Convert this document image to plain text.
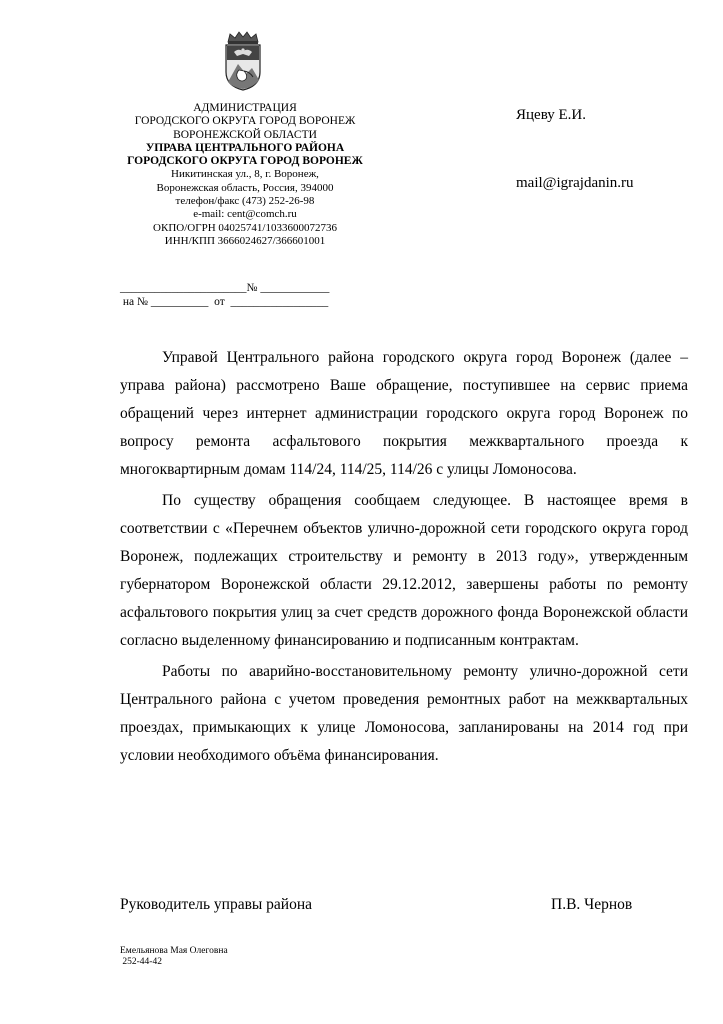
АДМИНИСТРАЦИЯ
ГОРОДСКОГО ОКРУГА ГОРОД ВОРОНЕЖ
ВОРОНЕЖСКОЙ ОБЛАСТИ
УПРАВА ЦЕНТРАЛЬНОГО РАЙОНА
ГОРОДСКОГО ОКРУГА ГОРОД ВОРОНЕЖ
Никитинская ул., 8, г. Воронеж,
Воронежская область, Россия, 394000
телефон/факс (473) 252-26-98
e-mail: cent@comch.ru
ОКПО/ОГРН 04025741/1033600072736
ИНН/КПП 3666024627/366601001
______________________№ ____________
на № __________  от  _________________
Яцеву Е.И.
mail@igrajdanin.ru

Управой Центрального района городского округа город Воронеж (далее – управа района) рассмотрено Ваше обращение, поступившее на сервис приема обращений через интернет администрации городского округа город Воронеж по вопросу ремонта асфальтового покрытия межквартального проезда к многоквартирным домам 114/24, 114/25, 114/26 с улицы Ломоносова.

По существу обращения сообщаем следующее. В настоящее время в соответствии с «Перечнем объектов улично-дорожной сети городского округа город Воронеж, подлежащих строительству и ремонту в 2013 году», утвержденным губернатором Воронежской области 29.12.2012, завершены работы по ремонту асфальтового покрытия улиц за счет средств дорожного фонда Воронежской области согласно выделенному финансированию и подписанным контрактам.

Работы по аварийно-восстановительному ремонту улично-дорожной сети Центрального района с учетом проведения ремонтных работ на межквартальных проездах, примыкающих к улице Ломоносова, запланированы на 2014 год при условии необходимого объёма финансирования.

Руководитель управы района	П.В. Чернов
Емельянова Мая Олеговна
252-44-42
